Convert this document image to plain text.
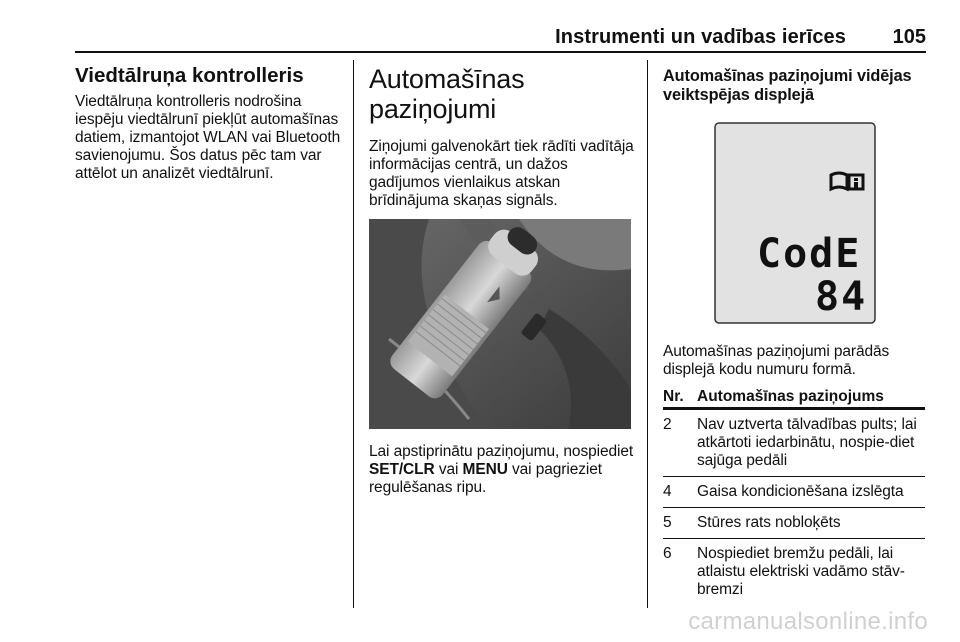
Instrumenti un vadības ierīces 105
Viedtālruņa kontrolleris

Viedtālruņa kontrolleris nodrošina iespēju viedtālrunī piekļūt automašīnas datiem, izmantojot WLAN vai Bluetooth savienojumu. Šos datus pēc tam var attēlot un analizēt viedtālrunī.

Automašīnas
paziņojumi

Ziņojumi galvenokārt tiek rādīti vadītāja informācijas centrā, un dažos gadījumos vienlaikus atskan brīdinājuma skaņas signāls.

Lai apstiprinātu paziņojumu, nospiediet SET/CLR vai MENU vai pagrieziet regulēšanas ripu.

Automašīnas paziņojumi vidējas veiktspējas displejā
CodE
84

Automašīnas paziņojumi parādās displejā kodu numuru formā.

Nr. Automašīnas paziņojums
2 Nav uztverta tālvadības pults; lai atkārtoti iedarbinātu, nospie-diet sajūga pedāli
4 Gaisa kondicionēšana izslēgta
5 Stūres rats nobloķēts
6 Nospiediet bremžu pedāli, lai atlaistu elektriski vadāmo stāv-bremzi
carmanualsonline.info
